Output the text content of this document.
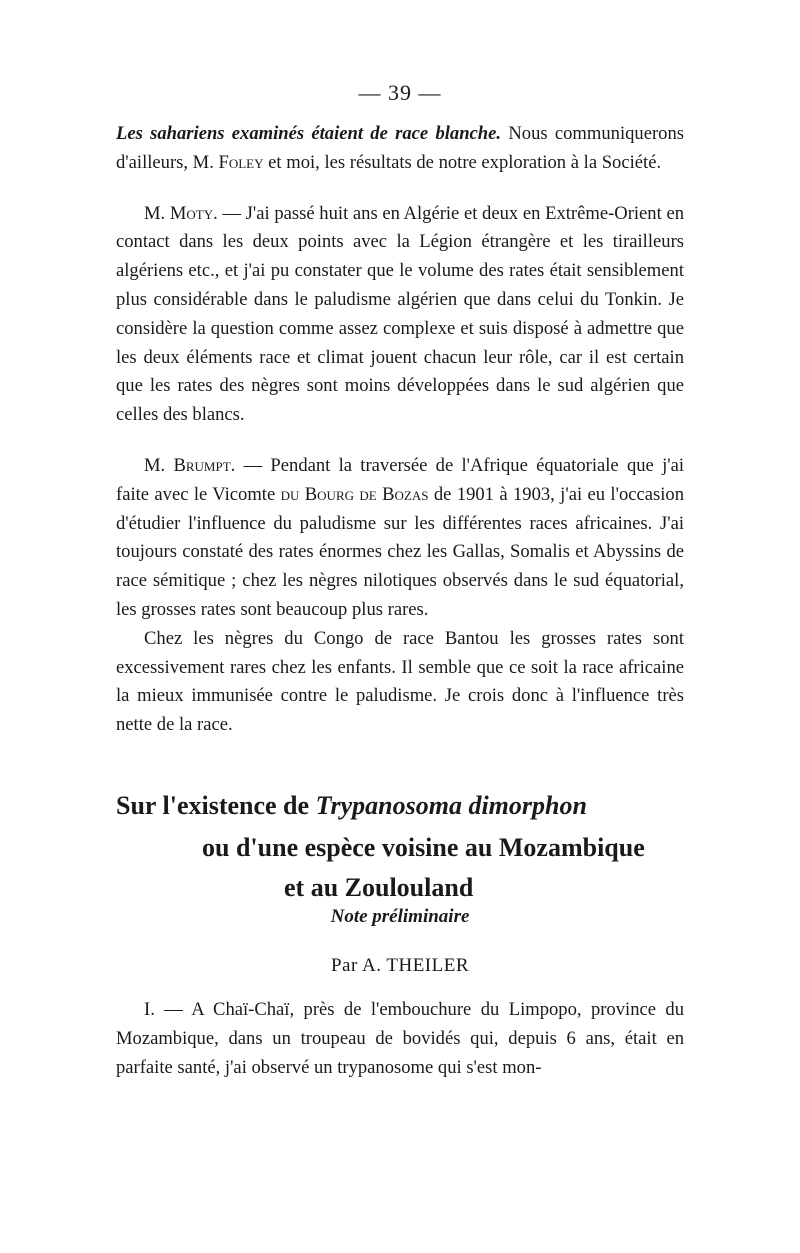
— 39 —

Les sahariens examinés étaient de race blanche. Nous communiquerons d'ailleurs, M. Foley et moi, les résultats de notre exploration à la Société.

M. Moty. — J'ai passé huit ans en Algérie et deux en Extrême-Orient en contact dans les deux points avec la Légion étrangère et les tirailleurs algériens etc., et j'ai pu constater que le volume des rates était sensiblement plus considérable dans le paludisme algérien que dans celui du Tonkin. Je considère la question comme assez complexe et suis disposé à admettre que les deux éléments race et climat jouent chacun leur rôle, car il est certain que les rates des nègres sont moins développées dans le sud algérien que celles des blancs.

M. Brumpt. — Pendant la traversée de l'Afrique équatoriale que j'ai faite avec le Vicomte du Bourg de Bozas de 1901 à 1903, j'ai eu l'occasion d'étudier l'influence du paludisme sur les différentes races africaines. J'ai toujours constaté des rates énormes chez les Gallas, Somalis et Abyssins de race sémitique ; chez les nègres nilotiques observés dans le sud équatorial, les grosses rates sont beaucoup plus rares.

Chez les nègres du Congo de race Bantou les grosses rates sont excessivement rares chez les enfants. Il semble que ce soit la race africaine la mieux immunisée contre le paludisme. Je crois donc à l'influence très nette de la race.

Sur l'existence de Trypanosoma dimorphon
ou d'une espèce voisine au Mozambique
et au Zoulouland
Note préliminaire
Par A. THEILER

I. — A Chaï-Chaï, près de l'embouchure du Limpopo, province du Mozambique, dans un troupeau de bovidés qui, depuis 6 ans, était en parfaite santé, j'ai observé un trypanosome qui s'est mon-
